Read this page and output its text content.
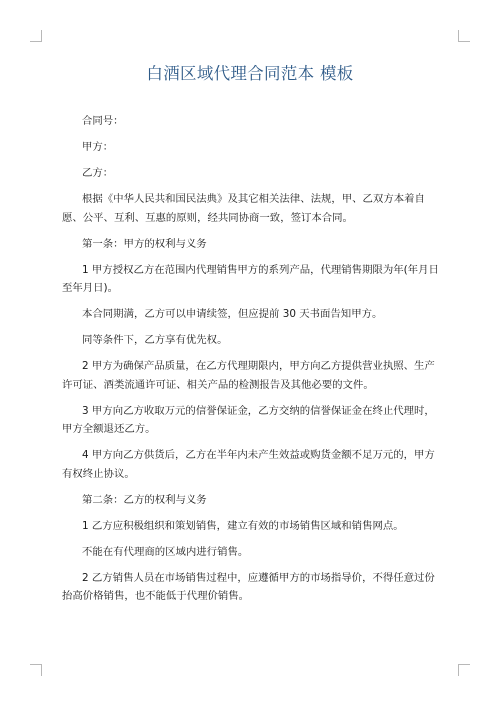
白酒区域代理合同范本 模板

合同号：

甲方：

乙方：

根据《中华人民共和国民法典》及其它相关法律、法规，甲、乙双方本着自愿、公平、互利、互惠的原则，经共同协商一致，签订本合同。

第一条：甲方的权利与义务

1 甲方授权乙方在范围内代理销售甲方的系列产品，代理销售期限为年(年月日至年月日)。

本合同期满，乙方可以申请续签，但应提前 30 天书面告知甲方。

同等条件下，乙方享有优先权。

2 甲方为确保产品质量，在乙方代理期限内，甲方向乙方提供营业执照、生产许可证、酒类流通许可证、相关产品的检测报告及其他必要的文件。

3 甲方向乙方收取万元的信誉保证金，乙方交纳的信誉保证金在终止代理时，甲方全额退还乙方。

4 甲方向乙方供货后，乙方在半年内未产生效益或购货金额不足万元的，甲方有权终止协议。

第二条：乙方的权利与义务

1 乙方应积极组织和策划销售，建立有效的市场销售区域和销售网点。

不能在有代理商的区域内进行销售。

2 乙方销售人员在市场销售过程中，应遵循甲方的市场指导价，不得任意过份抬高价格销售，也不能低于代理价销售。
